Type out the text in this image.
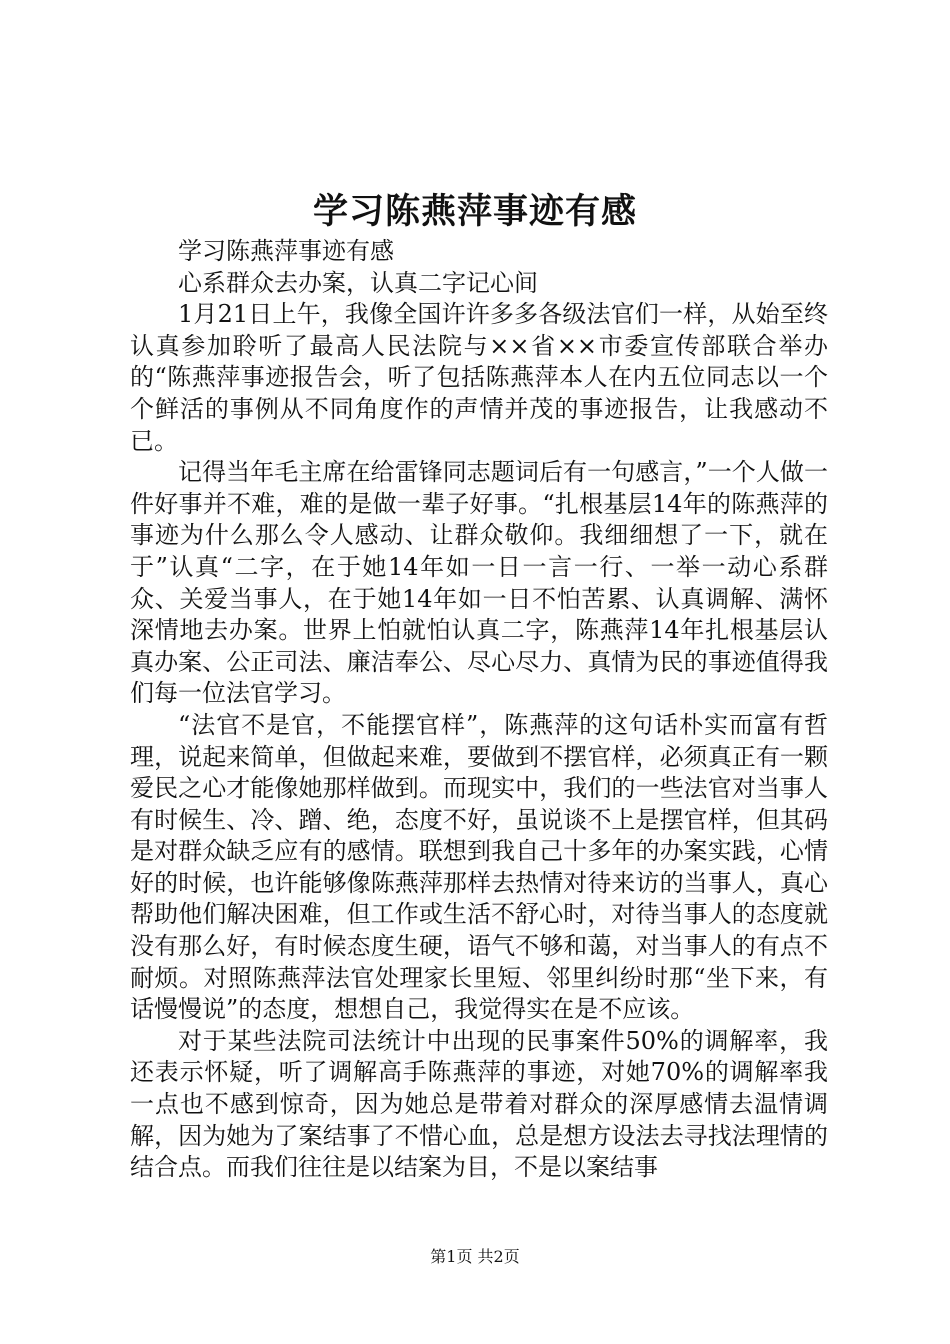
学习陈燕萍事迹有感

学习陈燕萍事迹有感

心系群众去办案，认真二字记心间

1月21日上午，我像全国许许多多各级法官们一样，从始至终认真参加聆听了最高人民法院与××省××市委宣传部联合举办的“陈燕萍事迹报告会，听了包括陈燕萍本人在内五位同志以一个个鲜活的事例从不同角度作的声情并茂的事迹报告，让我感动不已。

记得当年毛主席在给雷锋同志题词后有一句感言，”一个人做一件好事并不难，难的是做一辈子好事。“扎根基层14年的陈燕萍的事迹为什么那么令人感动、让群众敬仰。我细细想了一下，就在于”认真“二字，在于她14年如一日一言一行、一举一动心系群众、关爱当事人，在于她14年如一日不怕苦累、认真调解、满怀深情地去办案。世界上怕就怕认真二字，陈燕萍14年扎根基层认真办案、公正司法、廉洁奉公、尽心尽力、真情为民的事迹值得我们每一位法官学习。

“法官不是官，不能摆官样”，陈燕萍的这句话朴实而富有哲理，说起来简单，但做起来难，要做到不摆官样，必须真正有一颗爱民之心才能像她那样做到。而现实中，我们的一些法官对当事人有时候生、冷、蹭、绝，态度不好，虽说谈不上是摆官样，但其码是对群众缺乏应有的感情。联想到我自己十多年的办案实践，心情好的时候，也许能够像陈燕萍那样去热情对待来访的当事人，真心帮助他们解决困难，但工作或生活不舒心时，对待当事人的态度就没有那么好，有时候态度生硬，语气不够和蔼，对当事人的有点不耐烦。对照陈燕萍法官处理家长里短、邻里纠纷时那“坐下来，有话慢慢说”的态度，想想自己，我觉得实在是不应该。

对于某些法院司法统计中出现的民事案件50%的调解率，我还表示怀疑，听了调解高手陈燕萍的事迹，对她70%的调解率我一点也不感到惊奇，因为她总是带着对群众的深厚感情去温情调解，因为她为了案结事了不惜心血，总是想方设法去寻找法理情的结合点。而我们往往是以结案为目，不是以案结事

第1页 共2页
